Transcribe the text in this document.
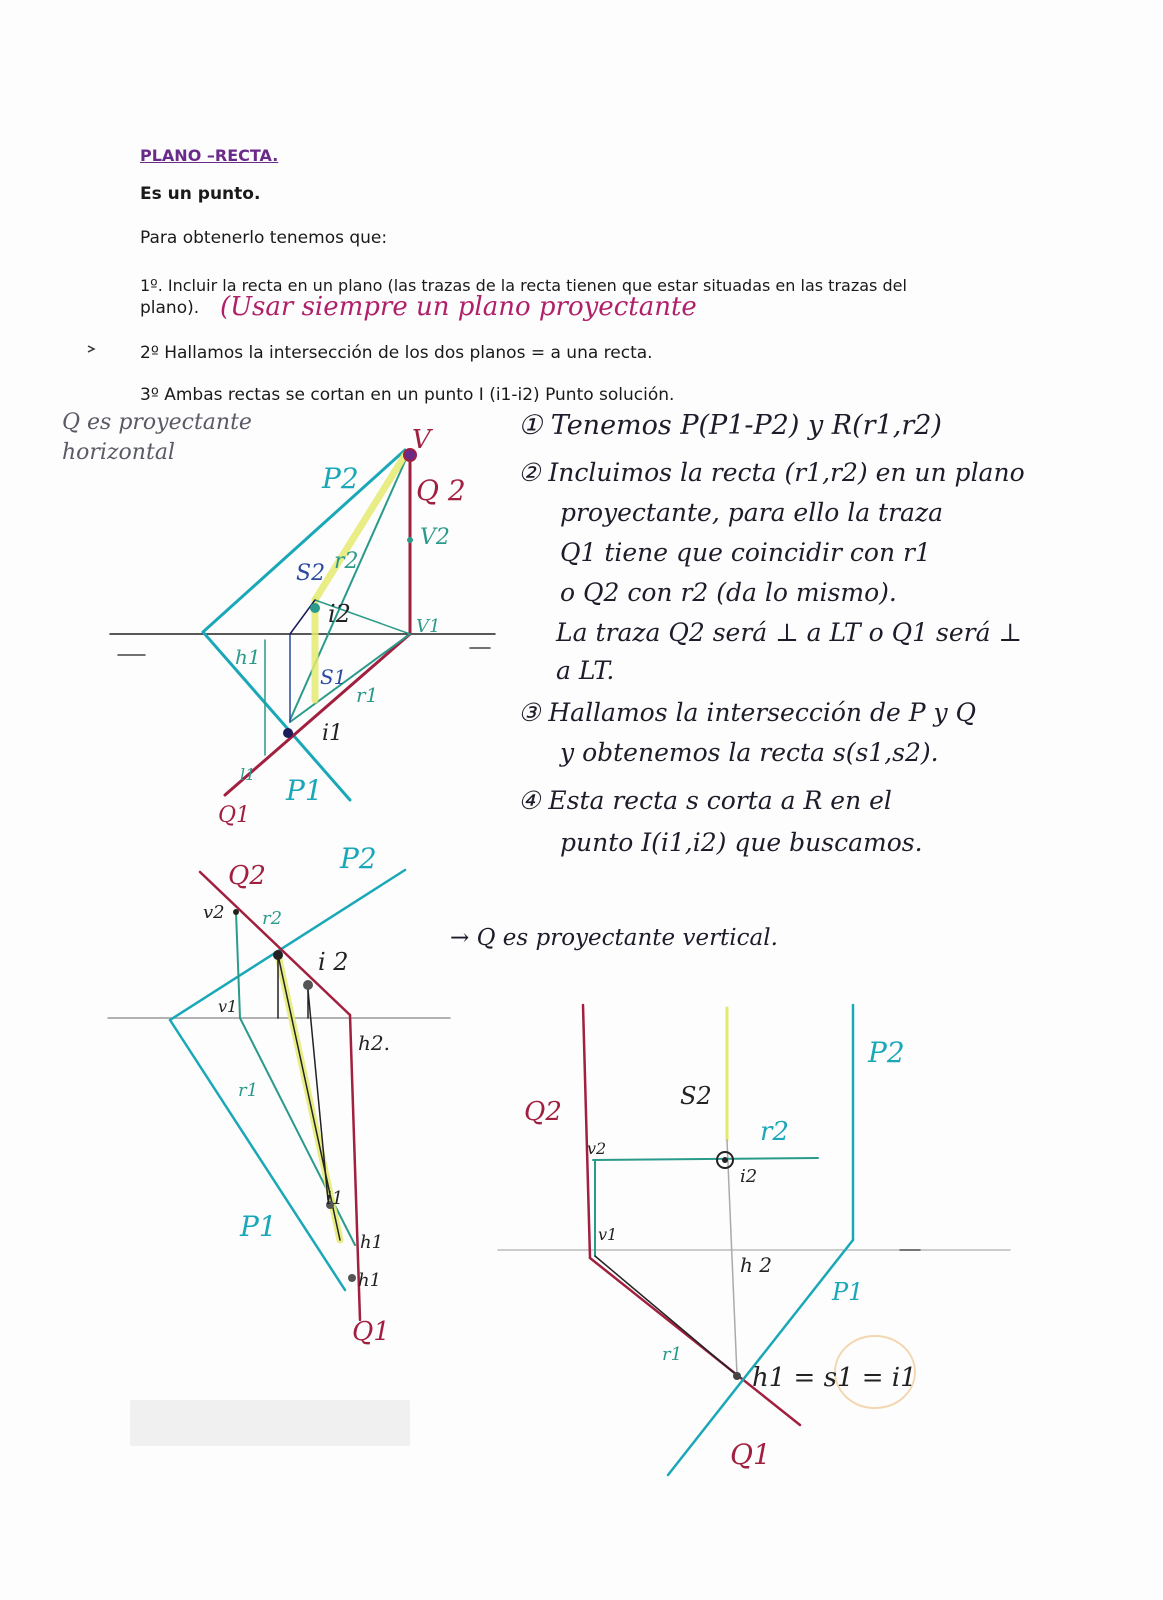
PLANO –RECTA.
Es un punto.
Para obtenerlo tenemos que:
1º. Incluir la recta en un plano (las trazas de la recta tienen que estar situadas en las trazas del
plano).
2º Hallamos la intersección de los dos planos = a una recta.
3º Ambas rectas se cortan en un punto I (i1-i2) Punto solución.
(Usar siempre un plano proyectante
Q es proyectante
horizontal
① Tenemos P(P1-P2) y R(r1,r2)
② Incluimos la recta (r1,r2) en un plano
proyectante, para ello la traza
Q1 tiene que coincidir con r1
o Q2 con r2 (da lo mismo).
La traza Q2 será ⊥ a LT o Q1 será ⊥
a LT.
③ Hallamos la intersección de P y Q
y obtenemos la recta s(s1,s2).
④ Esta recta s corta a R en el
punto I(i1,i2) que buscamos.
→ Q es proyectante vertical.
V
P2 Q 2
V2
S2 r2
i2	V1
h1
S1
r1
i1
P1
Q1
l1
Q2
P2
v2 r2
i 2
v1
h2.
r1
i1
h1
h1
P1
Q1
Q2
S2
r2
v2
i2
P2
v1
h 2
P1
r1
h1 = s1 = i1
Q1
